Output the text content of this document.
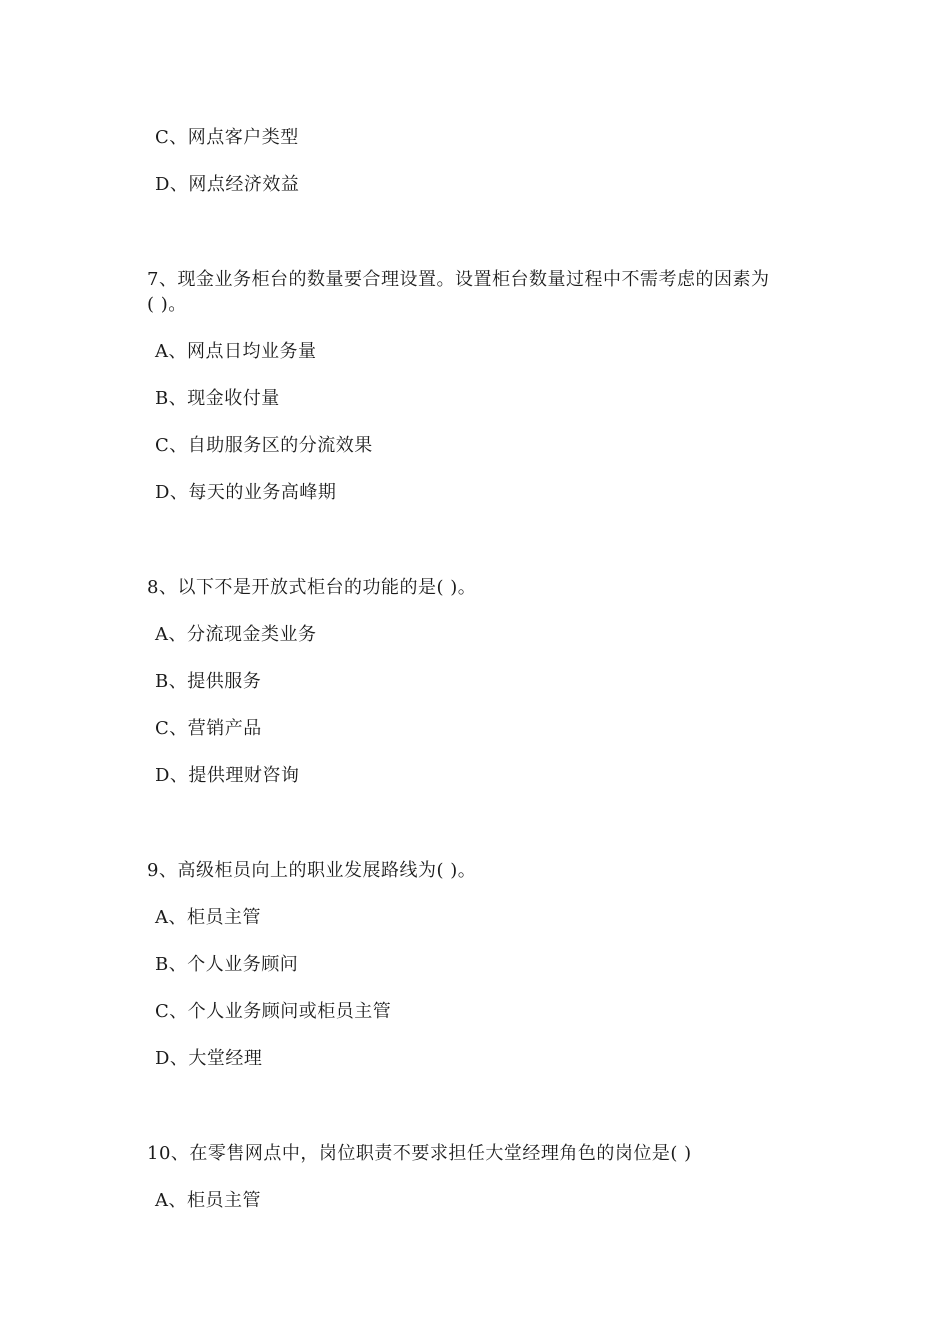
C、网点客户类型
D、网点经济效益
7、现金业务柜台的数量要合理设置。设置柜台数量过程中不需考虑的因素为
( )。
A、网点日均业务量
B、现金收付量
C、自助服务区的分流效果
D、每天的业务高峰期
8、以下不是开放式柜台的功能的是( )。
A、分流现金类业务
B、提供服务
C、营销产品
D、提供理财咨询
9、高级柜员向上的职业发展路线为( )。
A、柜员主管
B、个人业务顾问
C、个人业务顾问或柜员主管
D、大堂经理
10、在零售网点中，岗位职责不要求担任大堂经理角色的岗位是( )
A、柜员主管
